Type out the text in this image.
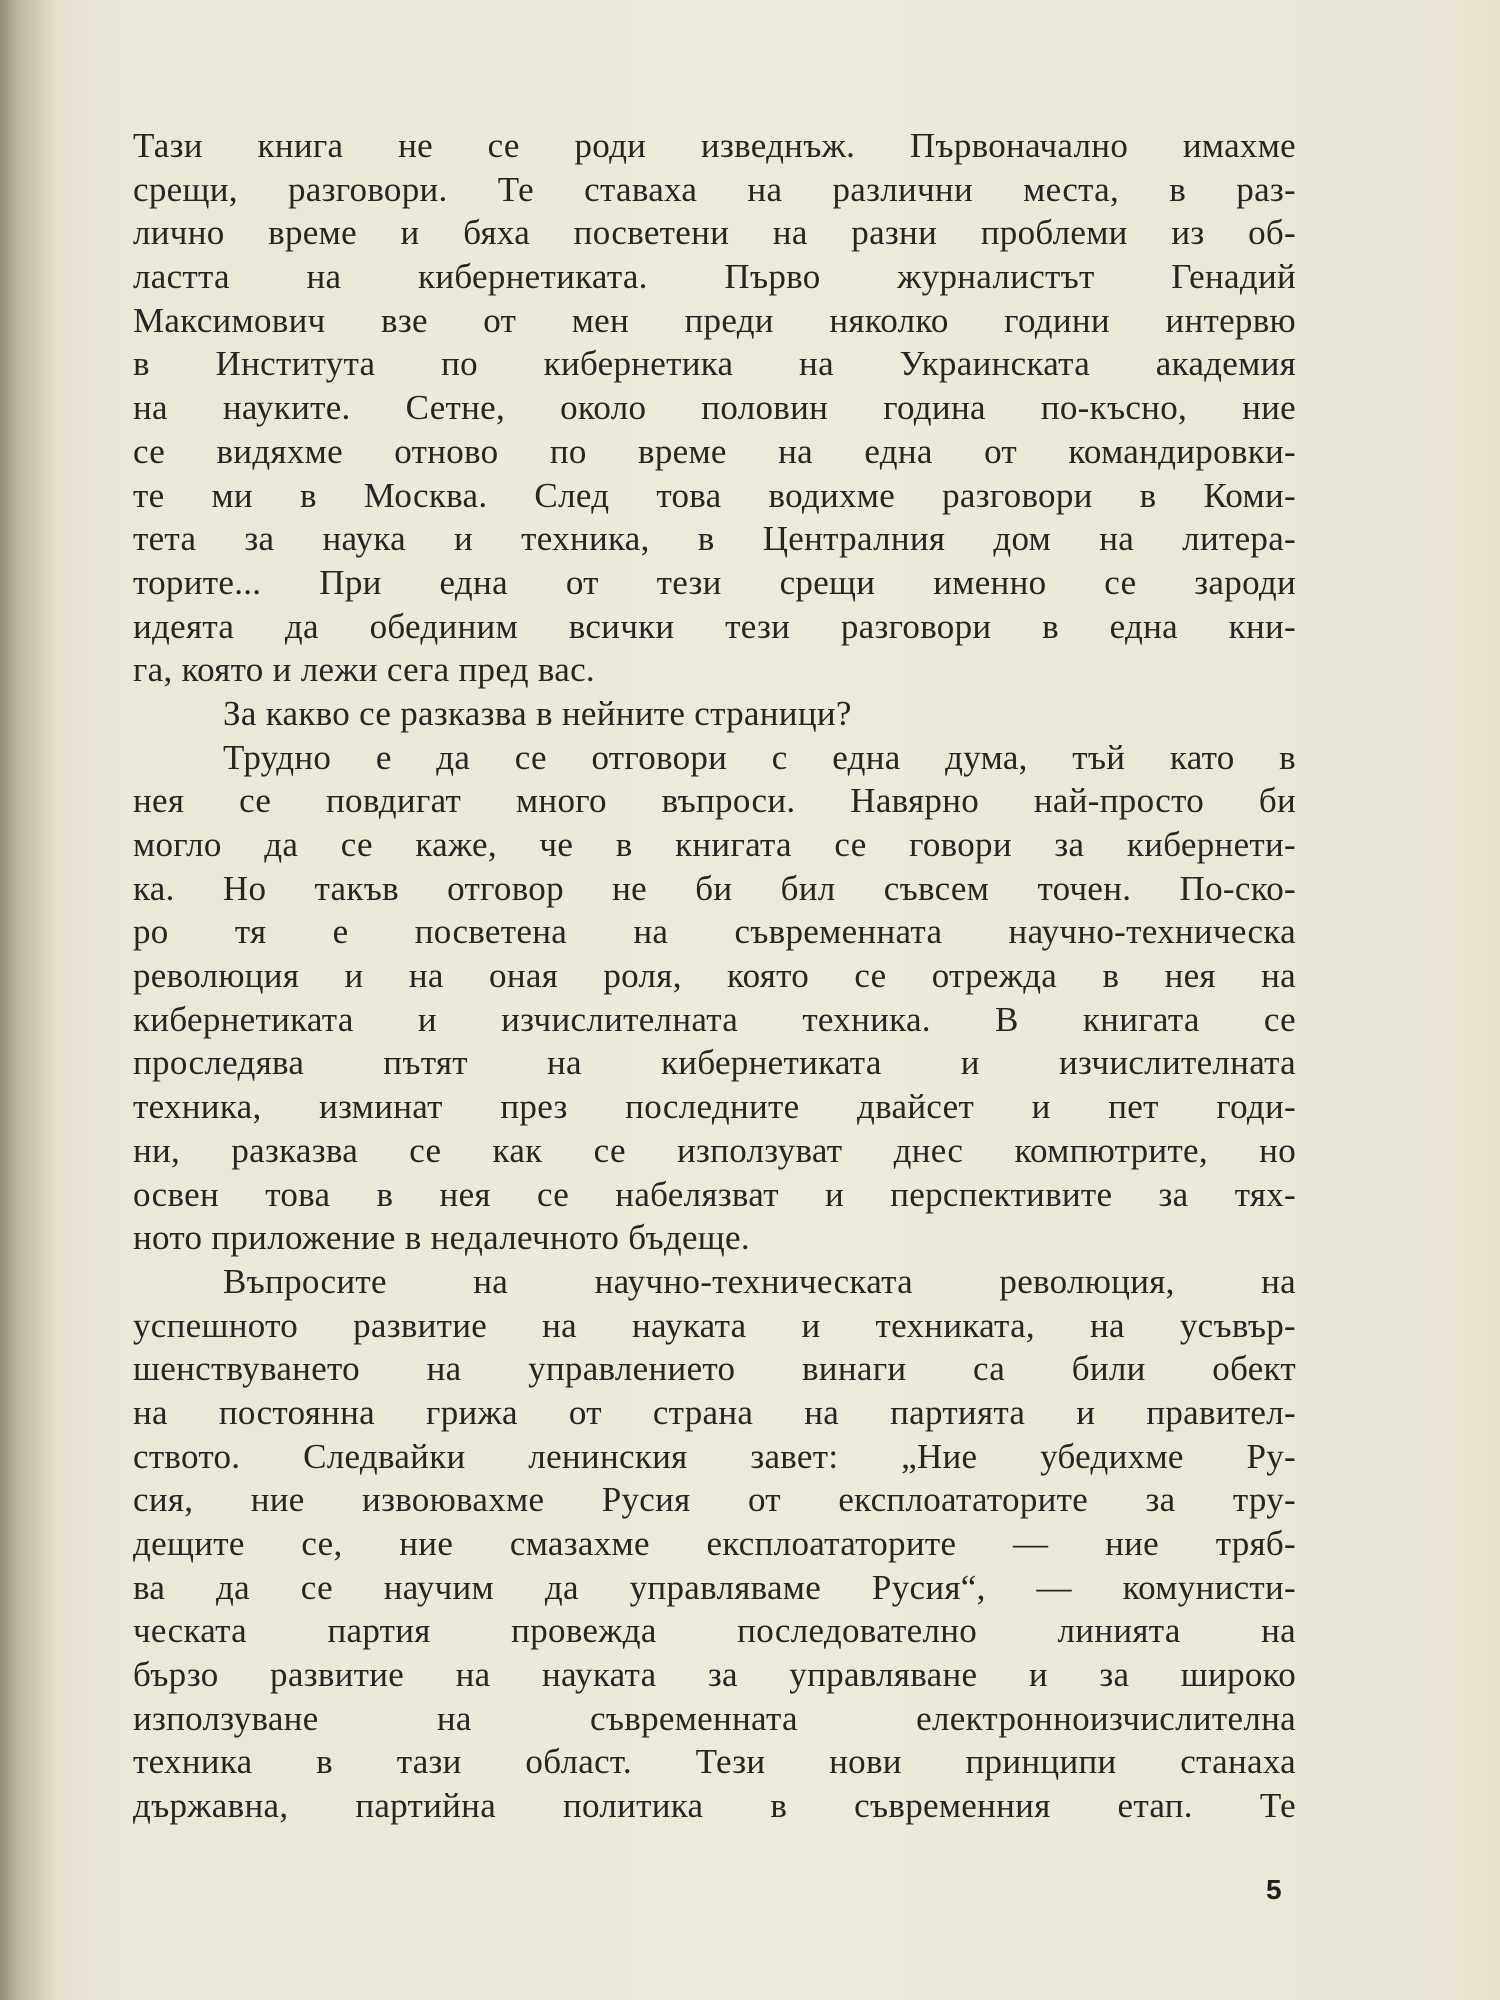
Тази книга не се роди изведнъж. Първоначално имахме
срещи, разговори. Те ставаха на различни места, в раз-
лично време и бяха посветени на разни проблеми из об-
ластта на кибернетиката. Първо журналистът Генадий
Максимович взе от мен преди няколко години интервю
в Института по кибернетика на Украинската академия
на науките. Сетне, около половин година по-късно, ние
се видяхме отново по време на една от командировки-
те ми в Москва. След това водихме разговори в Коми-
тета за наука и техника, в Централния дом на литера-
торите... При една от тези срещи именно се зароди
идеята да обединим всички тези разговори в една кни-
га, която и лежи сега пред вас.
За какво се разказва в нейните страници?
Трудно е да се отговори с една дума, тъй като в
нея се повдигат много въпроси. Навярно най-просто би
могло да се каже, че в книгата се говори за кибернети-
ка. Но такъв отговор не би бил съвсем точен. По-ско-
ро тя е посветена на съвременната научно-техническа
революция и на оная роля, която се отрежда в нея на
кибернетиката и изчислителната техника. В книгата се
проследява пътят на кибернетиката и изчислителната
техника, изминат през последните двайсет и пет годи-
ни, разказва се как се използуват днес компютрите, но
освен това в нея се набелязват и перспективите за тях-
ното приложение в недалечното бъдеще.
Въпросите на научно-техническата революция, на
успешното развитие на науката и техниката, на усъвър-
шенствуването на управлението винаги са били обект
на постоянна грижа от страна на партията и правител-
ството. Следвайки ленинския завет: „Ние убедихме Ру-
сия, ние извоювахме Русия от експлоататорите за тру-
дещите се, ние смазахме експлоататорите — ние тряб-
ва да се научим да управляваме Русия“, — комунисти-
ческата партия провежда последователно линията на
бързо развитие на науката за управляване и за широко
използуване на съвременната електронноизчислителна
техника в тази област. Тези нови принципи станаха
държавна, партийна политика в съвременния етап. Те
5
